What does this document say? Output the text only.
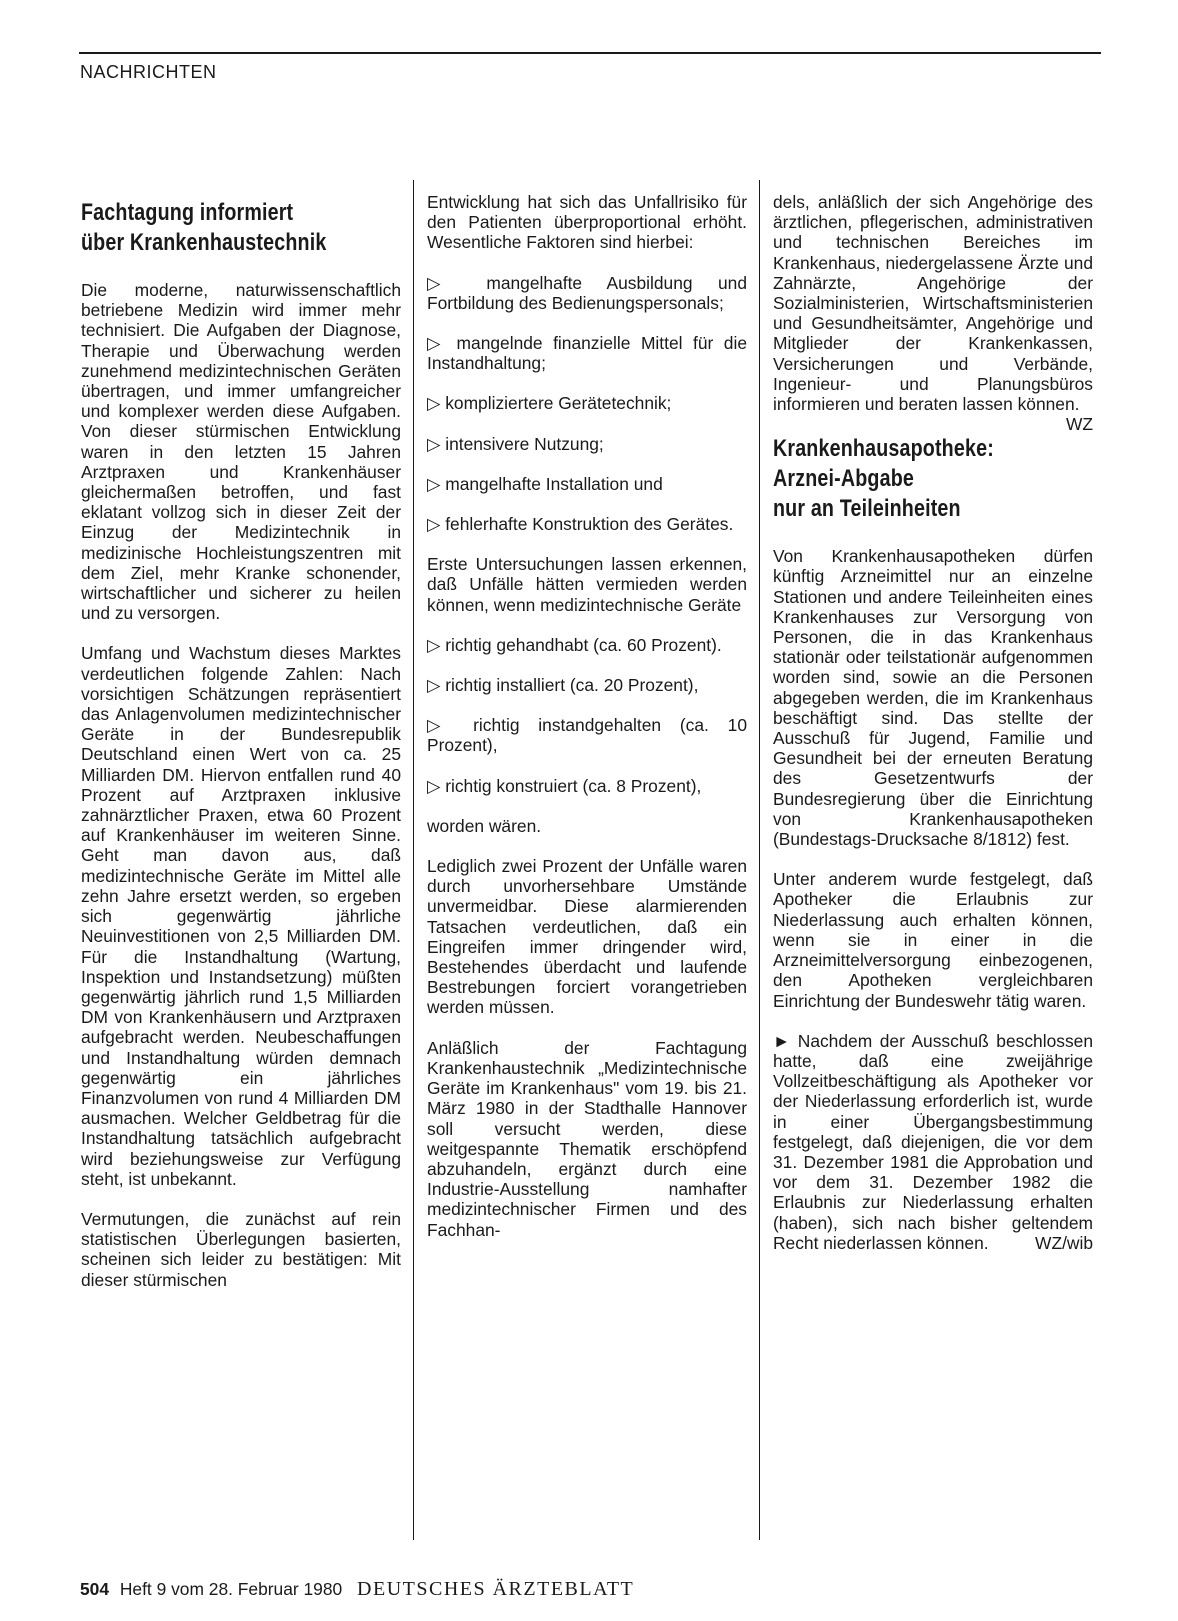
NACHRICHTEN
Fachtagung informiert
über Krankenhaustechnik

Die moderne, naturwissenschaftlich betriebene Medizin wird immer mehr technisiert. Die Aufgaben der Diagnose, Therapie und Überwachung werden zunehmend medizintechnischen Geräten übertragen, und immer umfangreicher und komplexer werden diese Aufgaben. Von dieser stürmischen Entwicklung waren in den letzten 15 Jahren Arztpraxen und Krankenhäuser gleichermaßen betroffen, und fast eklatant vollzog sich in dieser Zeit der Einzug der Medizintechnik in medizinische Hochleistungszentren mit dem Ziel, mehr Kranke schonender, wirtschaftlicher und sicherer zu heilen und zu versorgen.

Umfang und Wachstum dieses Marktes verdeutlichen folgende Zahlen: Nach vorsichtigen Schätzungen repräsentiert das Anlagenvolumen medizintechnischer Geräte in der Bundesrepublik Deutschland einen Wert von ca. 25 Milliarden DM. Hiervon entfallen rund 40 Prozent auf Arztpraxen inklusive zahnärztlicher Praxen, etwa 60 Prozent auf Krankenhäuser im weiteren Sinne. Geht man davon aus, daß medizintechnische Geräte im Mittel alle zehn Jahre ersetzt werden, so ergeben sich gegenwärtig jährliche Neuinvestitionen von 2,5 Milliarden DM. Für die Instandhaltung (Wartung, Inspektion und Instandsetzung) müßten gegenwärtig jährlich rund 1,5 Milliarden DM von Krankenhäusern und Arztpraxen aufgebracht werden. Neubeschaffungen und Instandhaltung würden demnach gegenwärtig ein jährliches Finanzvolumen von rund 4 Milliarden DM ausmachen. Welcher Geldbetrag für die Instandhaltung tatsächlich aufgebracht wird beziehungsweise zur Verfügung steht, ist unbekannt.

Vermutungen, die zunächst auf rein statistischen Überlegungen basierten, scheinen sich leider zu bestätigen: Mit dieser stürmischen

Entwicklung hat sich das Unfallrisiko für den Patienten überproportional erhöht. Wesentliche Faktoren sind hierbei:

▷ mangelhafte Ausbildung und Fortbildung des Bedienungspersonals;

▷ mangelnde finanzielle Mittel für die Instandhaltung;

▷ kompliziertere Gerätetechnik;

▷ intensivere Nutzung;

▷ mangelhafte Installation und

▷ fehlerhafte Konstruktion des Gerätes.

Erste Untersuchungen lassen erkennen, daß Unfälle hätten vermieden werden können, wenn medizintechnische Geräte

▷ richtig gehandhabt (ca. 60 Prozent).

▷ richtig installiert (ca. 20 Prozent),

▷ richtig instandgehalten (ca. 10 Prozent),

▷ richtig konstruiert (ca. 8 Prozent),

worden wären.

Lediglich zwei Prozent der Unfälle waren durch unvorhersehbare Umstände unvermeidbar. Diese alarmierenden Tatsachen verdeutlichen, daß ein Eingreifen immer dringender wird, Bestehendes überdacht und laufende Bestrebungen forciert vorangetrieben werden müssen.

Anläßlich der Fachtagung Krankenhaustechnik „Medizintechnische Geräte im Krankenhaus" vom 19. bis 21. März 1980 in der Stadthalle Hannover soll versucht werden, diese weitgespannte Thematik erschöpfend abzuhandeln, ergänzt durch eine Industrie-Ausstellung namhafter medizintechnischer Firmen und des Fachhan-

dels, anläßlich der sich Angehörige des ärztlichen, pflegerischen, administrativen und technischen Bereiches im Krankenhaus, niedergelassene Ärzte und Zahnärzte, Angehörige der Sozialministerien, Wirtschaftsministerien und Gesundheitsämter, Angehörige und Mitglieder der Krankenkassen, Versicherungen und Verbände, Ingenieur- und Planungsbüros informieren und beraten lassen können.
WZ

Krankenhausapotheke:
Arznei-Abgabe
nur an Teileinheiten

Von Krankenhausapotheken dürfen künftig Arzneimittel nur an einzelne Stationen und andere Teileinheiten eines Krankenhauses zur Versorgung von Personen, die in das Krankenhaus stationär oder teilstationär aufgenommen worden sind, sowie an die Personen abgegeben werden, die im Krankenhaus beschäftigt sind. Das stellte der Ausschuß für Jugend, Familie und Gesundheit bei der erneuten Beratung des Gesetzentwurfs der Bundesregierung über die Einrichtung von Krankenhausapotheken (Bundestags-Drucksache 8/1812) fest.

Unter anderem wurde festgelegt, daß Apotheker die Erlaubnis zur Niederlassung auch erhalten können, wenn sie in einer in die Arzneimittelversorgung einbezogenen, den Apotheken vergleichbaren Einrichtung der Bundeswehr tätig waren.

► Nachdem der Ausschuß beschlossen hatte, daß eine zweijährige Vollzeitbeschäftigung als Apotheker vor der Niederlassung erforderlich ist, wurde in einer Übergangsbestimmung festgelegt, daß diejenigen, die vor dem 31. Dezember 1981 die Approbation und vor dem 31. Dezember 1982 die Erlaubnis zur Niederlassung erhalten (haben), sich nach bisher geltendem Recht niederlassen können.	WZ/wib

504 Heft 9 vom 28. Februar 1980 DEUTSCHES ÄRZTEBLATT
